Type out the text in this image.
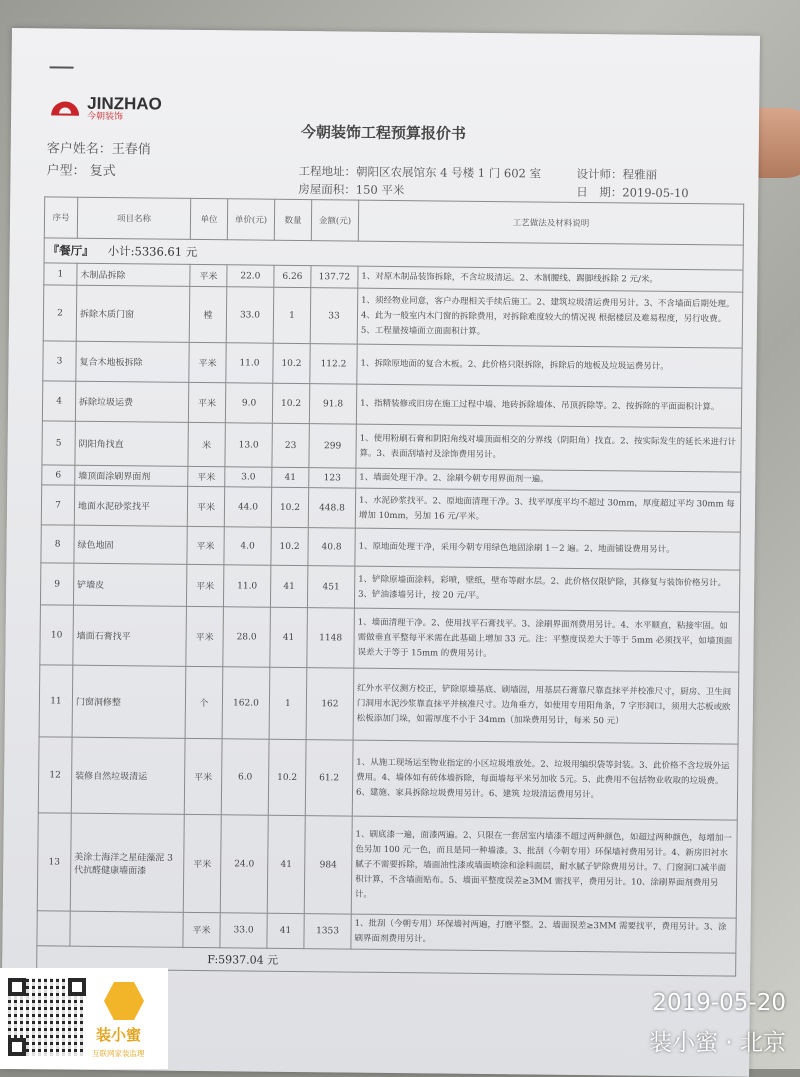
JINZHAO
今朝装饰
今朝装饰工程预算报价书
客户姓名：王春俏
户型： 复式	工程地址：朝阳区农展馆东 4 号楼 1 门 602 室
房屋面积：150 平米
设计师：程雅丽
日　期：2019-05-10
序号	项目名称	单位	单价(元)	数量	金额(元)	工艺做法及材料说明
『餐厅』 小计:5336.61 元						
1	木制品拆除	平米	22.0	6.26	137.72	1、对原木制品装饰拆除，不含垃圾清运。2、木制腰线、踢脚线拆除 2 元/米。
2	拆除木质门窗	樘	33.0	1	33	1、须经物业同意，客户办理相关手续后施工。2、建筑垃圾清运费用另计。3、不含墙面后期处理。4、此为一般室内木门窗的拆除费用，对拆除难度较大的情况视 根据楼层及难易程度，另行收费。5、工程量按墙面立面面积计算。
3	复合木地板拆除	平米	11.0	10.2	112.2	1、拆除原地面的复合木板。2、此价格只限拆除，拆除后的地板及垃圾运费另计。
4	拆除垃圾运费	平米	9.0	10.2	91.8	1、指精装修或旧房在施工过程中墙、地砖拆除墙体、吊顶拆除等。2、按拆除的平面面积计算。
5	阴阳角找直	米	13.0	23	299	1、使用粉刷石膏和阴阳角线对墙顶面相交的分界线（阴阳角）找直。2、按实际发生的延长米进行计算。3、表面刮墙衬及涂饰费用另计。
6	墙顶面涂刷界面剂	平米	3.0	41	123	1、墙面处理干净。2、涂刷今朝专用界面剂一遍。
7	地面水泥砂浆找平	平米	44.0	10.2	448.8	1、水泥砂浆找平。2、原地面清理干净。3、找平厚度平均不超过 30mm，厚度超过平均 30mm 每增加 10mm，另加 16 元/平米。
8	绿色地固	平米	4.0	10.2	40.8	1、原地面处理干净，采用今朝专用绿色地固涂刷 1－2 遍。2、地面铺设费用另计。
9	铲墙皮	平米	11.0	41	451	1、铲除原墙面涂料，彩喷，壁纸，壁布等耐水层。2、此价格仅限铲除，其修复与装饰价格另计。3、铲油漆墙另计，按 20 元/平。
10	墙面石膏找平	平米	28.0	41	1148	1、墙面清理干净。2、使用找平石膏找平。3、涂刷界面剂费用另计。4、水平顺直，粘接牢固。如需做垂直平整每平米需在此基础上增加 33 元。注：平整度误差大于等于 5mm 必须找平，如墙顶面误差大于等于 15mm 的费用另计。
11	门窗洞修整	个	162.0	1	162	红外水平仪测方校正，铲除原墙基底、刷墙固，用基层石膏靠尺靠直抹平并校准尺寸，厨房、卫生间门洞用水泥沙浆靠直抹平并核准尺寸。边角垂方，如使用专用阳角条，7 字形洞口，须用大芯板或欧松板添加门垛，如需厚度不小于 34mm（加垛费用另计，每米 50 元）
12	装修自然垃圾清运	平米	6.0	10.2	61.2	1、从施工现场运至物业指定的小区垃圾堆放处。2、垃圾用编织袋等封装。3、此价格不含垃圾外运费用。4、墙体如有砖体墙拆除，每面墙每平米另加收 5元。5、此费用不包括物业收取的垃圾费。6、建施、家具拆除垃圾费用另计。6、建筑 垃圾清运费用另计。
13	美涂士海洋之星硅藻泥 3 代抗醛健康墙面漆	平米	24.0	41	984	1、刷底漆一遍，面漆两遍。2、只限在一套居室内墙漆不超过两种颜色，如超过两种颜色，每增加一色另加 100 元一色，而且是同一种墙漆。3、批刮（今朝专用）环保墙衬费用另计。4、新房旧衬水腻子不需要拆除，墙面油性漆或墙面喷涂和涂料面层，耐水腻子铲除费用另计。7、门窗洞口减半面积计算，不含墙面贴布。5、墙面平整度误差≥3MM 需找平，费用另计。10、涂刷界面剂费用另计。
		平米	33.0	41	1353	1、批刮（今朝专用）环保墙衬两遍，打磨平整。2、墙面误差≥3MM 需要找平，费用另计。3、涂刷界面剂费用另计。
F:5937.04 元						
装小蜜
互联网家装监理
2019-05-20
装小蜜 · 北京
